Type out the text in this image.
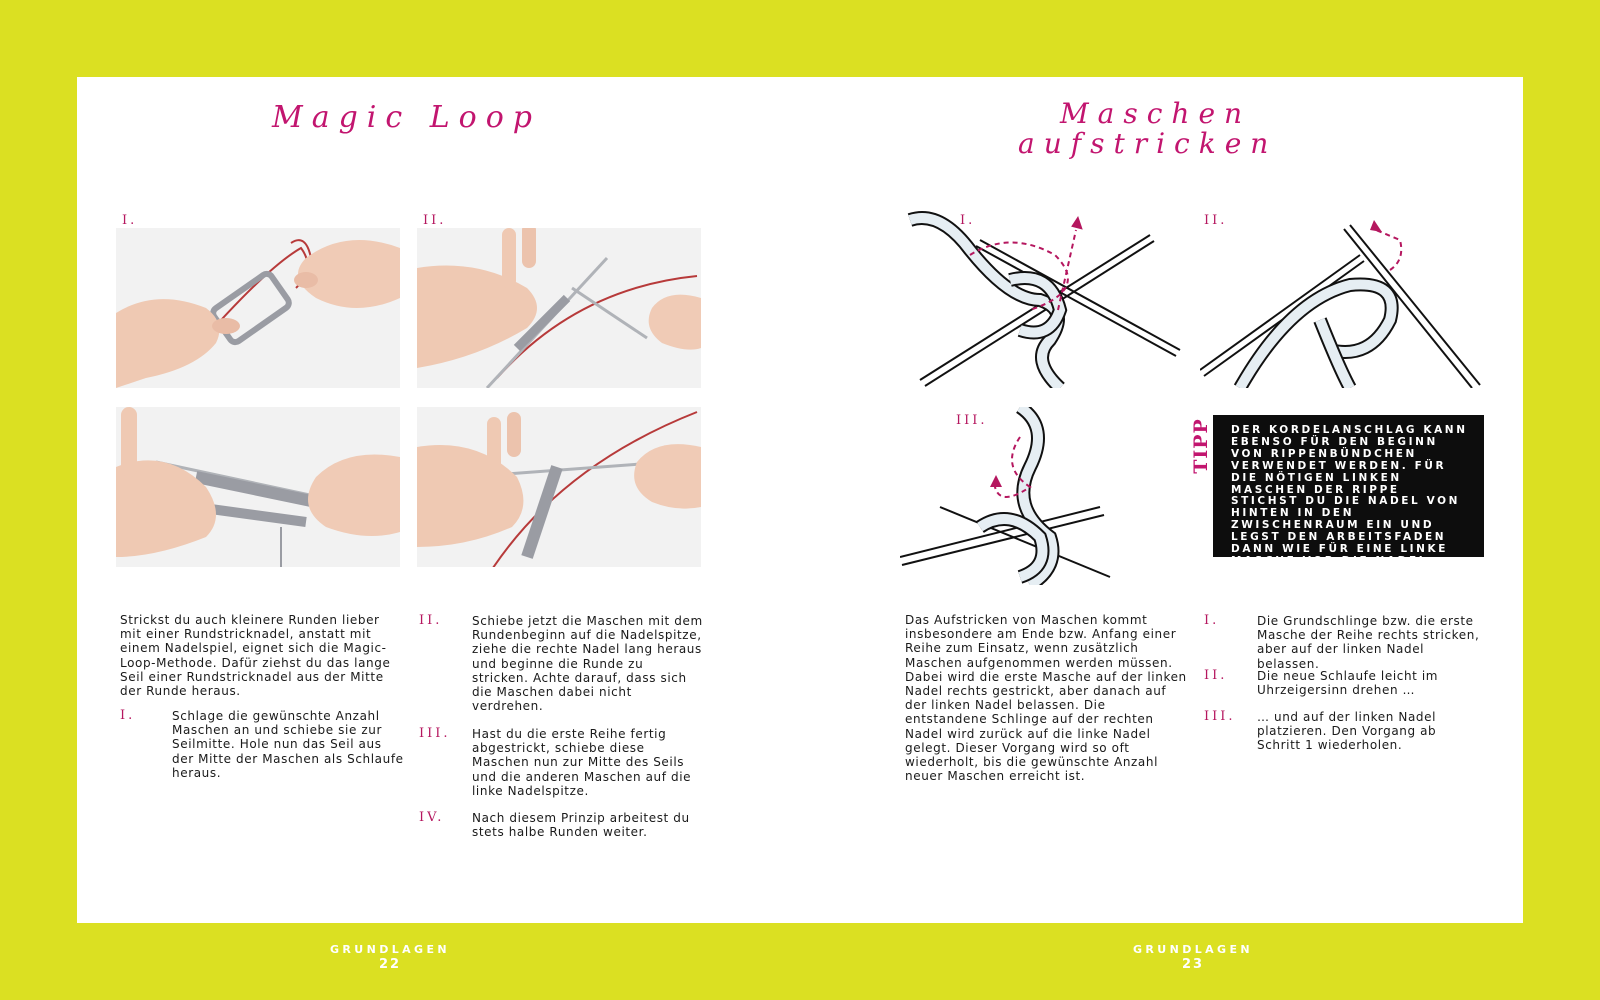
Magic Loop
I.	II.

Strickst du auch kleinere Runden lieber mit einer Rundstricknadel, anstatt mit einem Nadelspiel, eignet sich die Magic-Loop-Methode. Dafür ziehst du das lange Seil einer Rundstricknadel aus der Mitte der Runde heraus.

I.	Schlage die gewünschte Anzahl Maschen an und schiebe sie zur Seilmitte. Hole nun das Seil aus der Mitte der Maschen als Schlaufe heraus.

II. Schiebe jetzt die Maschen mit dem Rundenbeginn auf die Nadelspitze, ziehe die rechte Nadel lang heraus und beginne die Runde zu stricken. Achte darauf, dass sich die Maschen dabei nicht verdrehen.

III. Hast du die erste Reihe fertig abgestrickt, schiebe diese Maschen nun zur Mitte des Seils und die anderen Maschen auf die linke Nadelspitze.

IV. Nach diesem Prinzip arbeitest du stets halbe Runden weiter.

GRUNDLAGEN
22
Maschen
aufstricken
I.	II.
III.	TIPP DER KORDELANSCHLAG KANN EBENSO FÜR DEN BEGINN VON RIPPENBÜNDCHEN VERWENDET WERDEN. FÜR DIE NÖTIGEN LINKEN MASCHEN DER RIPPE STICHST DU DIE NADEL VON HINTEN IN DEN ZWISCHENRAUM EIN UND LEGST DEN ARBEITSFADEN DANN WIE FÜR EINE LINKE MASCHE VOR DIE NADEL.

Das Aufstricken von Maschen kommt insbesondere am Ende bzw. Anfang einer Reihe zum Einsatz, wenn zusätzlich Maschen aufgenommen werden müssen. Dabei wird die erste Masche auf der linken Nadel rechts gestrickt, aber danach auf der linken Nadel belassen. Die entstandene Schlinge auf der rechten Nadel wird zurück auf die linke Nadel gelegt. Dieser Vorgang wird so oft wiederholt, bis die gewünschte Anzahl neuer Maschen erreicht ist.

I.	Die Grundschlinge bzw. die erste Masche der Reihe rechts stricken, aber auf der linken Nadel belassen.

II. Die neue Schlaufe leicht im Uhrzeigersinn drehen …

III. … und auf der linken Nadel platzieren. Den Vorgang ab Schritt 1 wiederholen.

GRUNDLAGEN
23
